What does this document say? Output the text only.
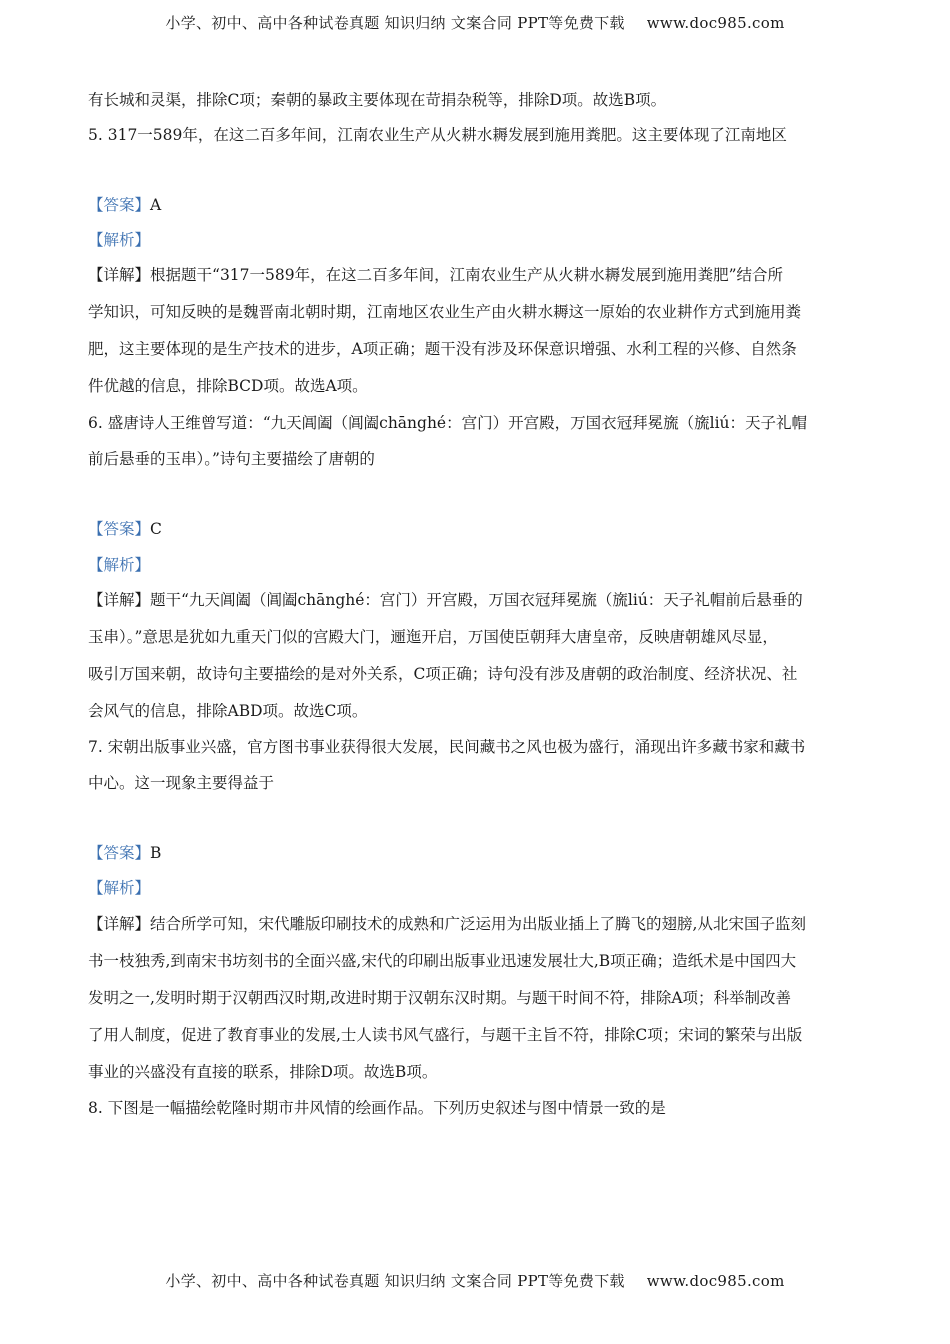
小学、初中、高中各种试卷真题 知识归纳 文案合同 PPT等免费下载 www.doc985.com
有长城和灵渠，排除C项；秦朝的暴政主要体现在苛捐杂税等，排除D项。故选B项。
5. 317一589年，在这二百多年间，江南农业生产从火耕水耨发展到施用粪肥。这主要体现了江南地区
【答案】A
【解析】
【详解】根据题干“317一589年，在这二百多年间，江南农业生产从火耕水耨发展到施用粪肥”结合所
学知识，可知反映的是魏晋南北朝时期，江南地区农业生产由火耕水耨这一原始的农业耕作方式到施用粪
肥，这主要体现的是生产技术的进步，A项正确；题干没有涉及环保意识增强、水利工程的兴修、自然条
件优越的信息，排除BCD项。故选A项。
6. 盛唐诗人王维曾写道：“九天阊阖（阊阖chānghé：宫门）开宫殿，万国衣冠拜冕旒（旒liú：天子礼帽
前后悬垂的玉串）。”诗句主要描绘了唐朝的
【答案】C
【解析】
【详解】题干“九天阊阖（阊阖chānghé：宫门）开宫殿，万国衣冠拜冕旒（旒liú：天子礼帽前后悬垂的
玉串）。”意思是犹如九重天门似的宫殿大门，逦迤开启，万国使臣朝拜大唐皇帝，反映唐朝雄风尽显，
吸引万国来朝，故诗句主要描绘的是对外关系，C项正确；诗句没有涉及唐朝的政治制度、经济状况、社
会风气的信息，排除ABD项。故选C项。
7. 宋朝出版事业兴盛，官方图书事业获得很大发展，民间藏书之风也极为盛行，涌现出许多藏书家和藏书
中心。这一现象主要得益于
【答案】B
【解析】
【详解】结合所学可知，宋代雕版印刷技术的成熟和广泛运用为出版业插上了腾飞的翅膀,从北宋国子监刻
书一枝独秀,到南宋书坊刻书的全面兴盛,宋代的印刷出版事业迅速发展壮大,B项正确；造纸术是中国四大
发明之一,发明时期于汉朝西汉时期,改进时期于汉朝东汉时期。与题干时间不符，排除A项；科举制改善
了用人制度，促进了教育事业的发展,士人读书风气盛行，与题干主旨不符，排除C项；宋词的繁荣与出版
事业的兴盛没有直接的联系，排除D项。故选B项。
8. 下图是一幅描绘乾隆时期市井风情的绘画作品。下列历史叙述与图中情景一致的是
小学、初中、高中各种试卷真题 知识归纳 文案合同 PPT等免费下载 www.doc985.com
